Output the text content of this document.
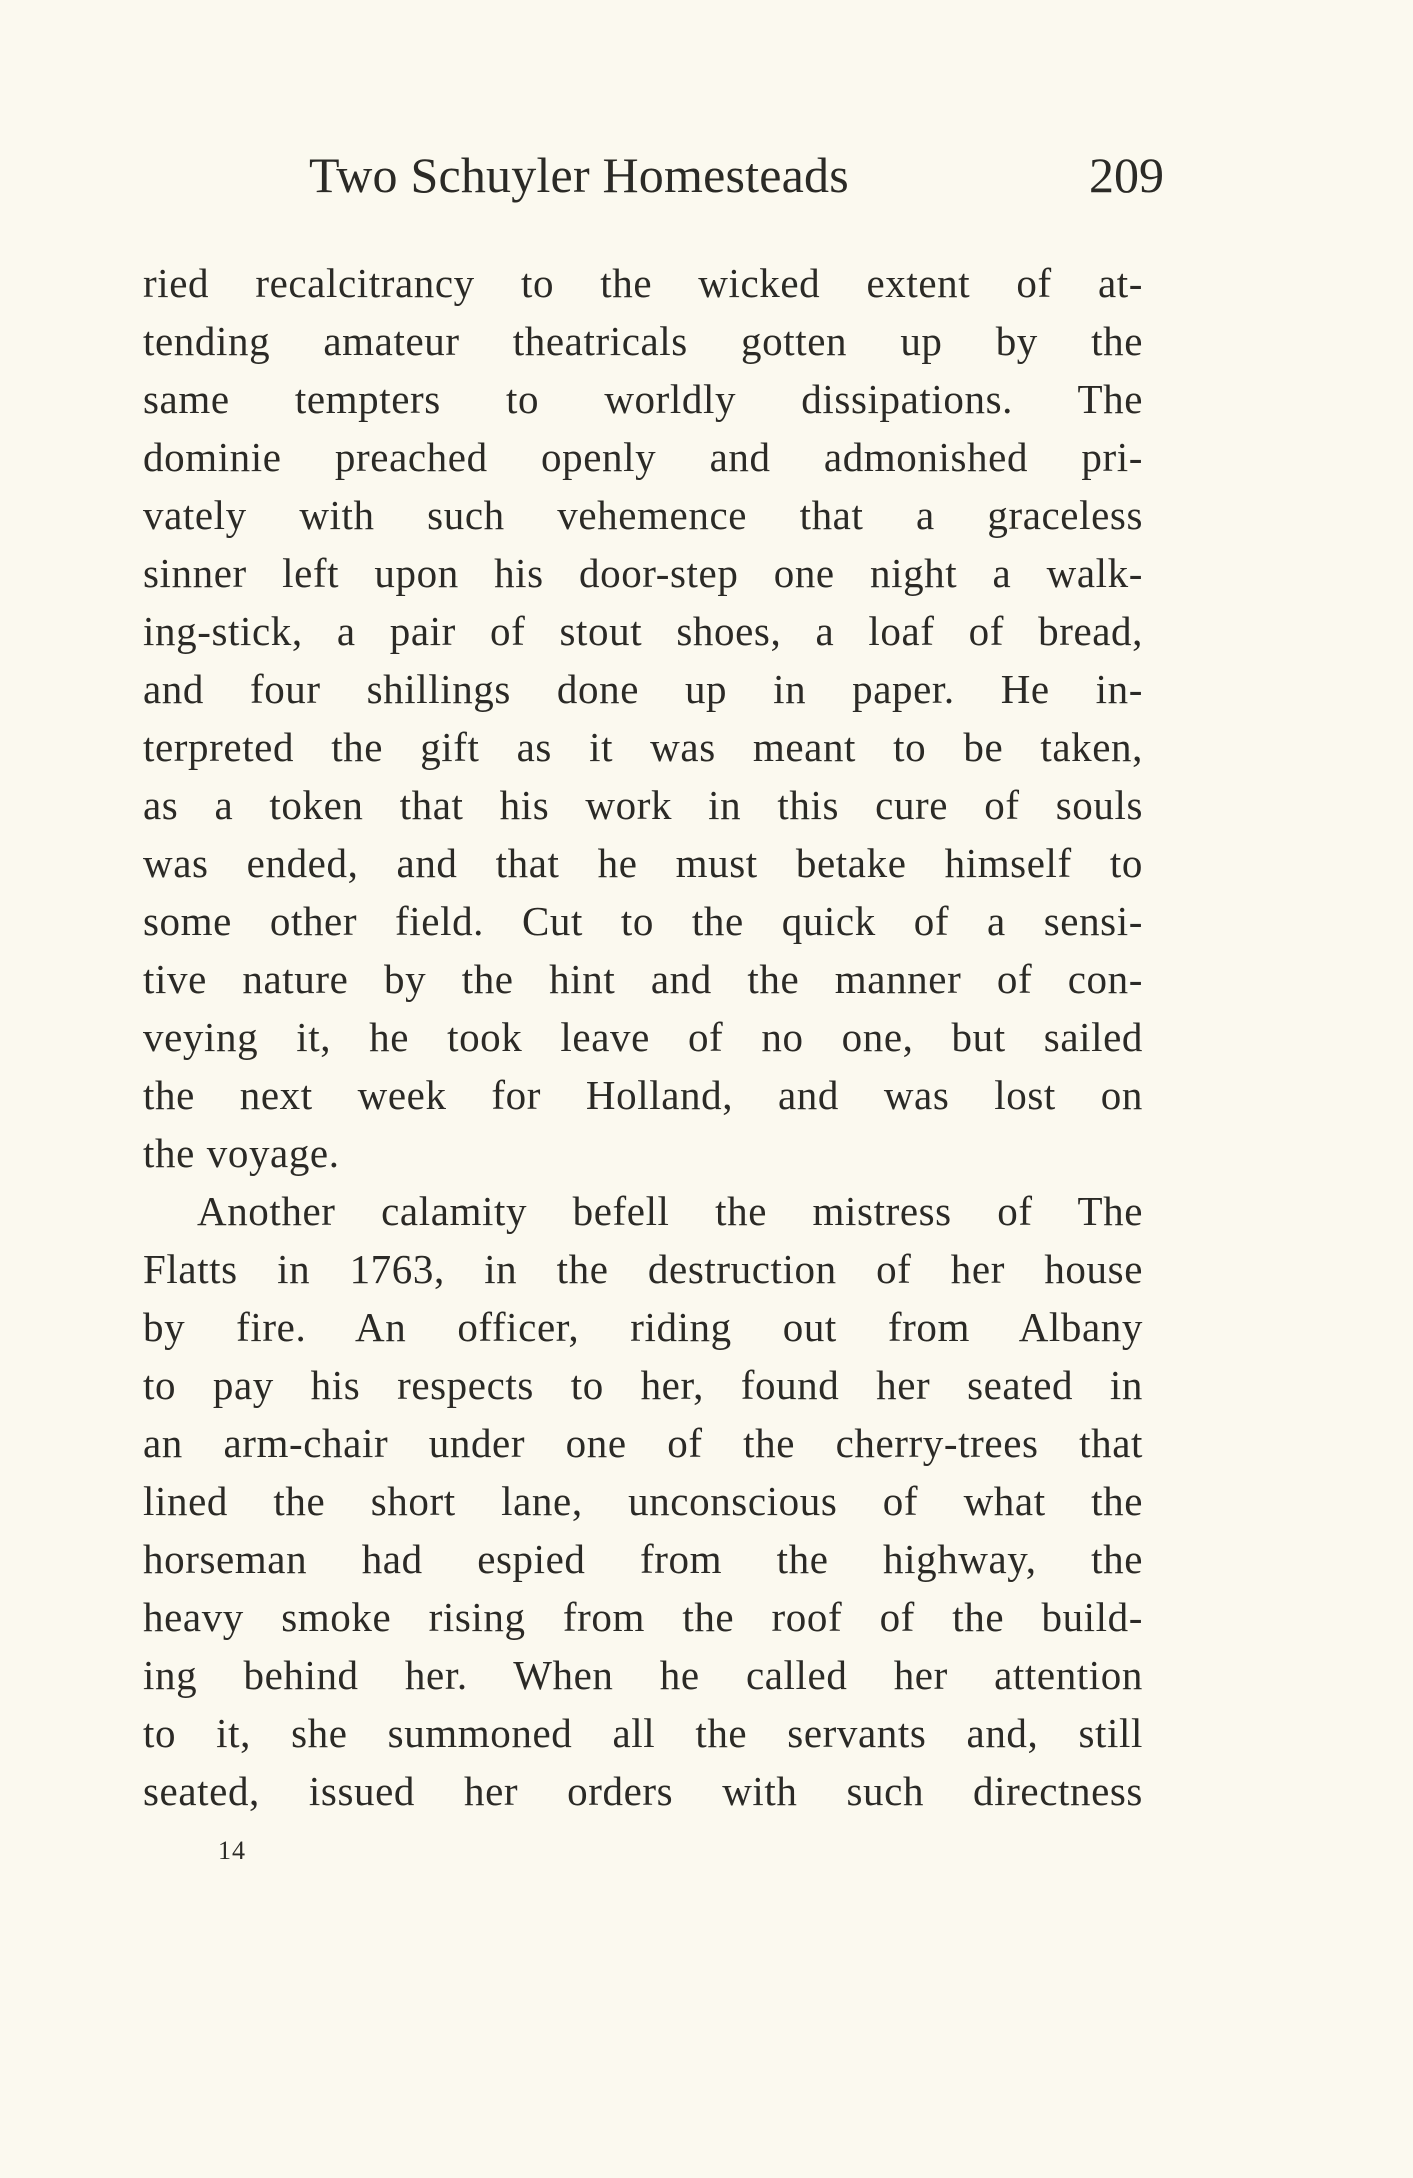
Two Schuyler Homesteads	209
ried recalcitrancy to the wicked extent of at-
tending amateur theatricals gotten up by the
same tempters to worldly dissipations. The
dominie preached openly and admonished pri-
vately with such vehemence that a graceless
sinner left upon his door-step one night a walk-
ing-stick, a pair of stout shoes, a loaf of bread,
and four shillings done up in paper. He in-
terpreted the gift as it was meant to be taken,
as a token that his work in this cure of souls
was ended, and that he must betake himself to
some other field. Cut to the quick of a sensi-
tive nature by the hint and the manner of con-
veying it, he took leave of no one, but sailed
the next week for Holland, and was lost on
the voyage.
Another calamity befell the mistress of The
Flatts in 1763, in the destruction of her house
by fire. An officer, riding out from Albany
to pay his respects to her, found her seated in
an arm-chair under one of the cherry-trees that
lined the short lane, unconscious of what the
horseman had espied from the highway, the
heavy smoke rising from the roof of the build-
ing behind her. When he called her attention
to it, she summoned all the servants and, still
seated, issued her orders with such directness
14
